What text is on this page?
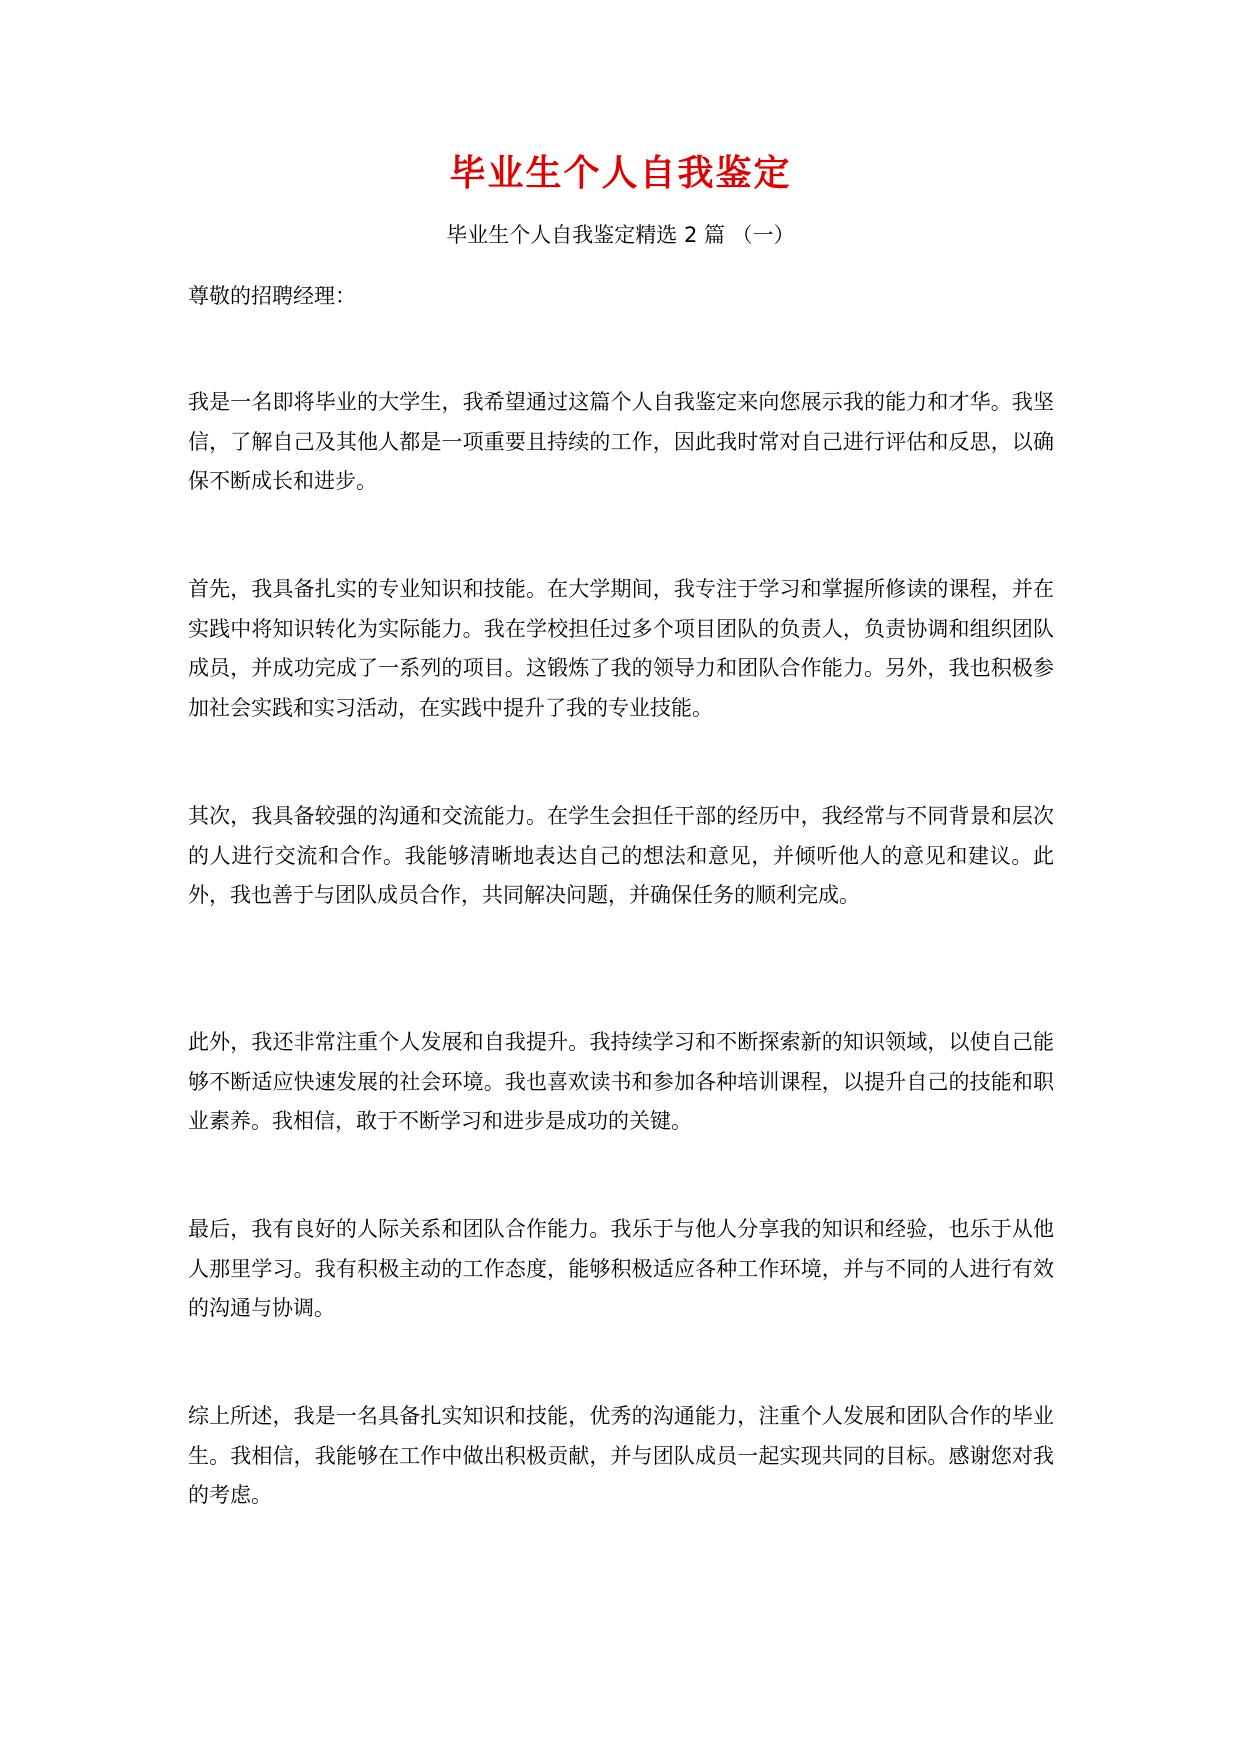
毕业生个人自我鉴定
毕业生个人自我鉴定精选 2 篇 （一）

尊敬的招聘经理：

我是一名即将毕业的大学生，我希望通过这篇个人自我鉴定来向您展示我的能力和才华。我坚信，了解自己及其他人都是一项重要且持续的工作，因此我时常对自己进行评估和反思，以确保不断成长和进步。

首先，我具备扎实的专业知识和技能。在大学期间，我专注于学习和掌握所修读的课程，并在实践中将知识转化为实际能力。我在学校担任过多个项目团队的负责人，负责协调和组织团队成员，并成功完成了一系列的项目。这锻炼了我的领导力和团队合作能力。另外，我也积极参加社会实践和实习活动，在实践中提升了我的专业技能。

其次，我具备较强的沟通和交流能力。在学生会担任干部的经历中，我经常与不同背景和层次的人进行交流和合作。我能够清晰地表达自己的想法和意见，并倾听他人的意见和建议。此外，我也善于与团队成员合作，共同解决问题，并确保任务的顺利完成。

此外，我还非常注重个人发展和自我提升。我持续学习和不断探索新的知识领域，以使自己能够不断适应快速发展的社会环境。我也喜欢读书和参加各种培训课程，以提升自己的技能和职业素养。我相信，敢于不断学习和进步是成功的关键。

最后，我有良好的人际关系和团队合作能力。我乐于与他人分享我的知识和经验，也乐于从他人那里学习。我有积极主动的工作态度，能够积极适应各种工作环境，并与不同的人进行有效的沟通与协调。

综上所述，我是一名具备扎实知识和技能，优秀的沟通能力，注重个人发展和团队合作的毕业生。我相信，我能够在工作中做出积极贡献，并与团队成员一起实现共同的目标。感谢您对我的考虑。
